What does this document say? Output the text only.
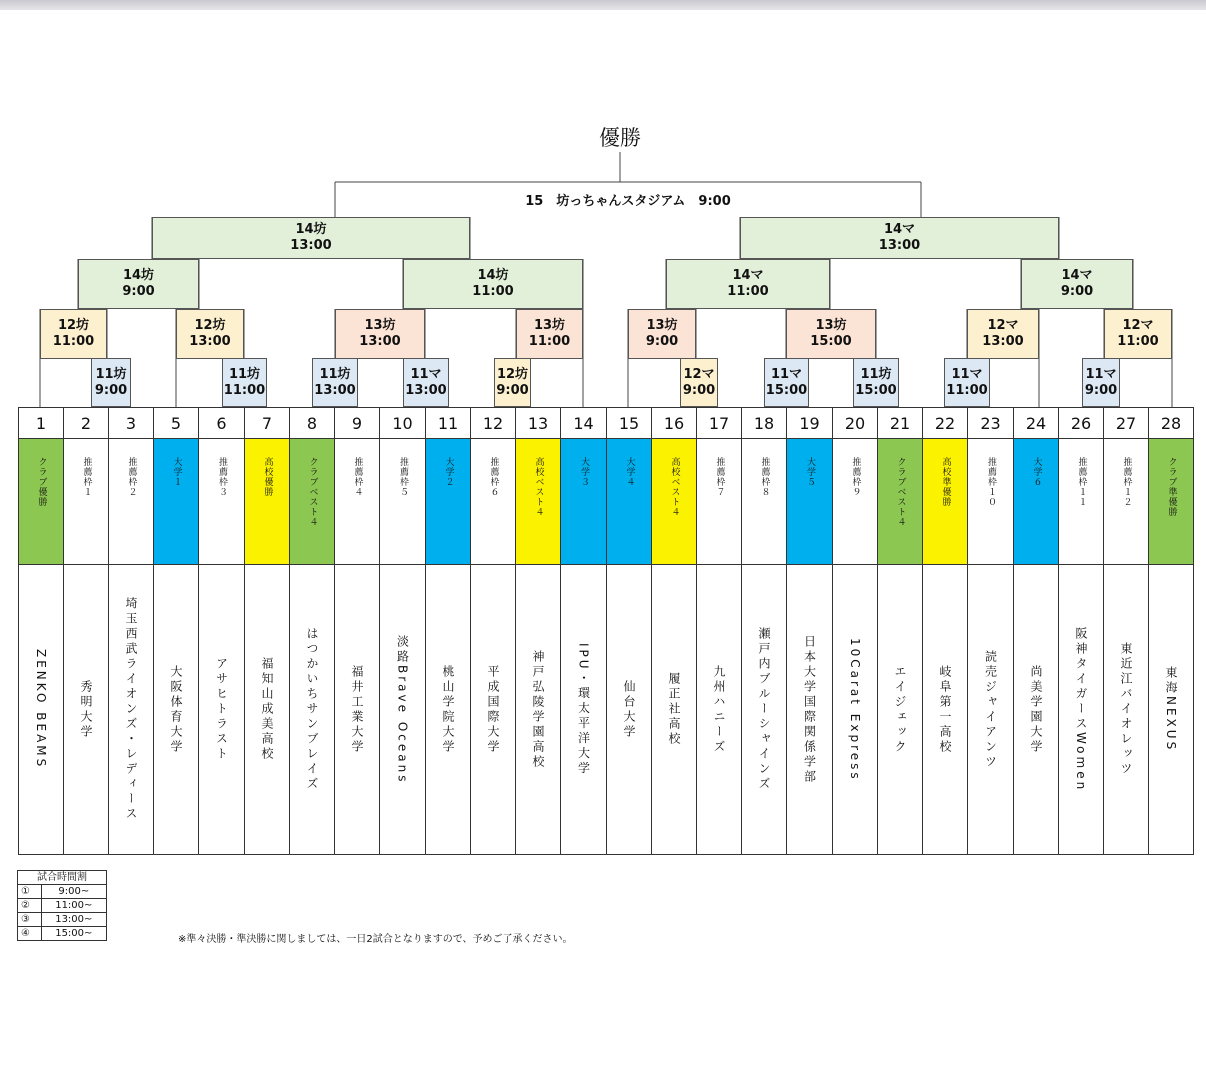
優勝
15　坊っちゃんスタジアム　9:00
14坊
13:00
14マ
13:00
14坊
9:00
14坊
11:00
14マ
11:00
14マ
9:00
12坊
11:00
12坊
13:00
13坊
13:00
13坊
11:00
13坊
9:00
13坊
15:00
12マ
13:00
12マ
11:00
11坊
9:00
11坊
11:00
11坊
13:00
11マ
13:00
12坊
9:00
12マ
9:00
11マ
15:00
11坊
15:00
11マ
11:00
11マ
9:00
1
クラブ優勝
ZENKO BEAMS
2
推薦枠１
秀明大学
3
推薦枠２
埼玉西武ライオンズ・レディース
5
大学１
大阪体育大学
6
推薦枠３
アサヒトラスト
7
高校優勝
福知山成美高校
8
クラブベスト４
はつかいちサンブレイズ
9
推薦枠４
福井工業大学
10
推薦枠５
淡路Brave Oceans
11
大学２
桃山学院大学
12
推薦枠６
平成国際大学
13
高校ベスト４
神戸弘陵学園高校
14
大学３
IPU・環太平洋大学
15
大学４
仙台大学
16
高校ベスト４
履正社高校
17
推薦枠７
九州ハニーズ
18
推薦枠８
瀬戸内ブルーシャインズ
19
大学５
日本大学国際関係学部
20
推薦枠９
10Carat Express
21
クラブベスト４
エイジェック
22
高校準優勝
岐阜第一高校
23
推薦枠１０
読売ジャイアンツ
24
大学６
尚美学園大学
26
推薦枠１１
阪神タイガースWomen
27
推薦枠１２
東近江バイオレッツ
28
クラブ準優勝
東海NEXUS
試合時間割	
①	9:00~
②	11:00~
③	13:00~
④	15:00~
※準々決勝・準決勝に関しましては、一日2試合となりますので、予めご了承ください。
